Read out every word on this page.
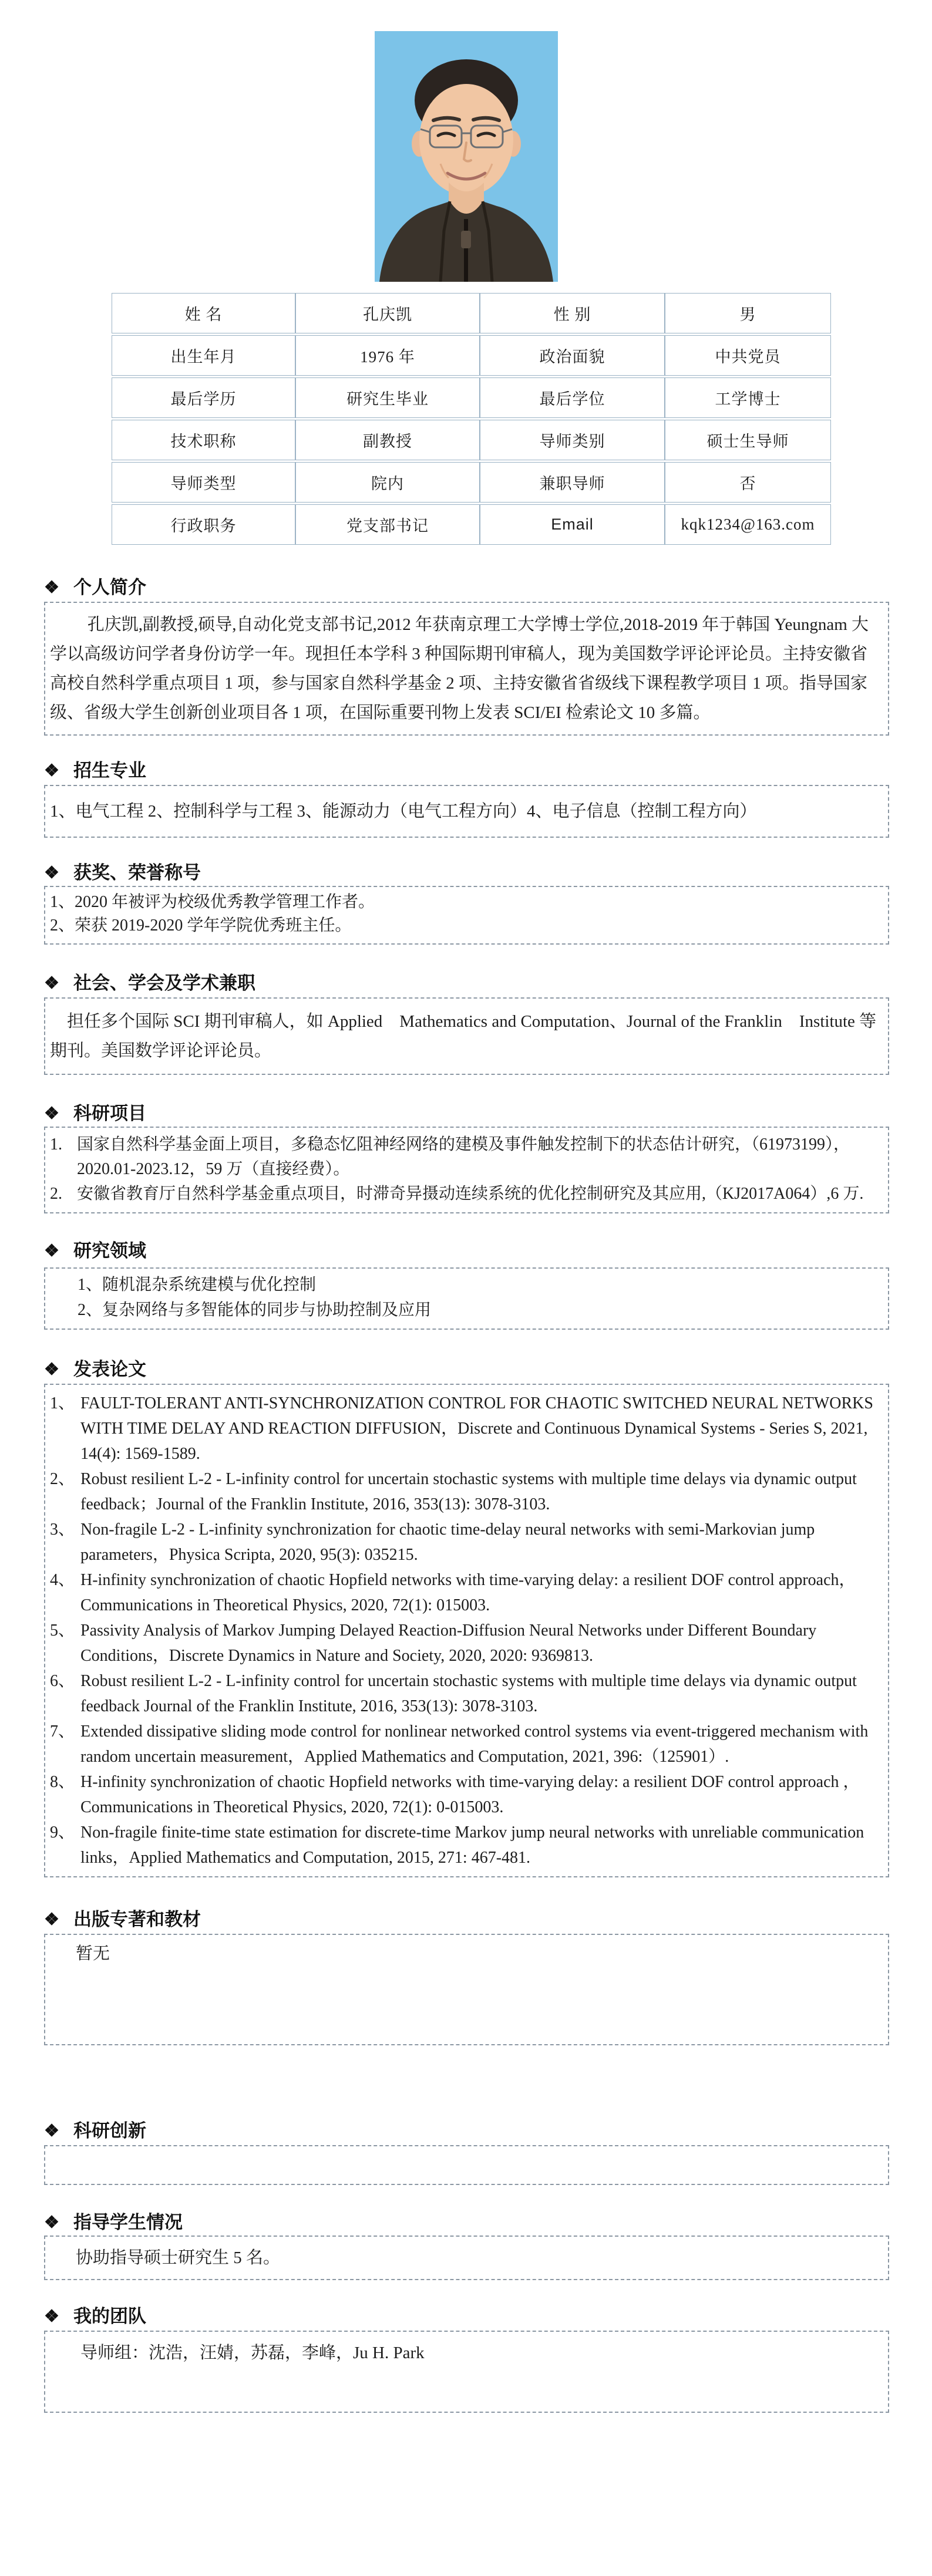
姓 名	孔庆凯	性 别	男
出生年月	1976 年	政治面貌	中共党员
最后学历	研究生毕业	最后学位	工学博士
技术职称	副教授	导师类别	硕士生导师
导师类型	院内	兼职导师	否
行政职务	党支部书记	Email	kqk1234@163.com
❖ 个人简介

孔庆凯,副教授,硕导,自动化党支部书记,2012 年获南京理工大学博士学位,2018-2019 年于韩国 Yeungnam 大学以高级访问学者身份访学一年。现担任本学科 3 种国际期刊审稿人，现为美国数学评论评论员。主持安徽省高校自然科学重点项目 1 项，参与国家自然科学基金 2 项、主持安徽省省级线下课程教学项目 1 项。指导国家级、省级大学生创新创业项目各 1 项，在国际重要刊物上发表 SCI/EI 检索论文 10 多篇。

❖ 招生专业

1、电气工程 2、控制科学与工程 3、能源动力（电气工程方向）4、电子信息（控制工程方向）

❖ 获奖、荣誉称号

1、2020 年被评为校级优秀教学管理工作者。

2、荣获 2019-2020 学年学院优秀班主任。

❖ 社会、学会及学术兼职

担任多个国际 SCI 期刊审稿人，如 Applied　Mathematics and Computation、Journal of the Franklin　Institute 等期刊。美国数学评论评论员。

❖ 科研项目
1. 国家自然科学基金面上项目，多稳态忆阻神经网络的建模及事件触发控制下的状态估计研究，（61973199），2020.01-2023.12，59 万（直接经费）。
2. 安徽省教育厅自然科学基金重点项目，时滞奇异摄动连续系统的优化控制研究及其应用,（KJ2017A064）,6 万.
❖ 研究领域

1、随机混杂系统建模与优化控制

2、复杂网络与多智能体的同步与协助控制及应用

❖ 发表论文
1、 FAULT-TOLERANT ANTI-SYNCHRONIZATION CONTROL FOR CHAOTIC SWITCHED NEURAL NETWORKS WITH TIME DELAY AND REACTION DIFFUSION，Discrete and Continuous Dynamical Systems - Series S, 2021, 14(4): 1569-1589.
2、 Robust resilient L-2 - L-infinity control for uncertain stochastic systems with multiple time delays via dynamic output feedback；Journal of the Franklin Institute, 2016, 353(13): 3078-3103.
3、 Non-fragile L-2 - L-infinity synchronization for chaotic time-delay neural networks with semi-Markovian jump parameters，Physica Scripta, 2020, 95(3): 035215.
4、 H-infinity synchronization of chaotic Hopfield networks with time-varying delay: a resilient DOF control approach，Communications in Theoretical Physics, 2020, 72(1): 015003.
5、 Passivity Analysis of Markov Jumping Delayed Reaction-Diffusion Neural Networks under Different Boundary Conditions，Discrete Dynamics in Nature and Society, 2020, 2020: 9369813.
6、 Robust resilient L-2 - L-infinity control for uncertain stochastic systems with multiple time delays via dynamic output feedback Journal of the Franklin Institute, 2016, 353(13): 3078-3103.
7、 Extended dissipative sliding mode control for nonlinear networked control systems via event-triggered mechanism with random uncertain measurement，Applied Mathematics and Computation, 2021, 396:（125901）.
8、 H-infinity synchronization of chaotic Hopfield networks with time-varying delay: a resilient DOF control approach ，Communications in Theoretical Physics, 2020, 72(1): 0-015003.
9、 Non-fragile finite-time state estimation for discrete-time Markov jump neural networks with unreliable communication links，Applied Mathematics and Computation, 2015, 271: 467-481.
❖ 出版专著和教材

暂无

❖ 科研创新

❖ 指导学生情况

协助指导硕士研究生 5 名。

❖ 我的团队

导师组：沈浩，汪婧，苏磊，李峰，Ju H. Park
